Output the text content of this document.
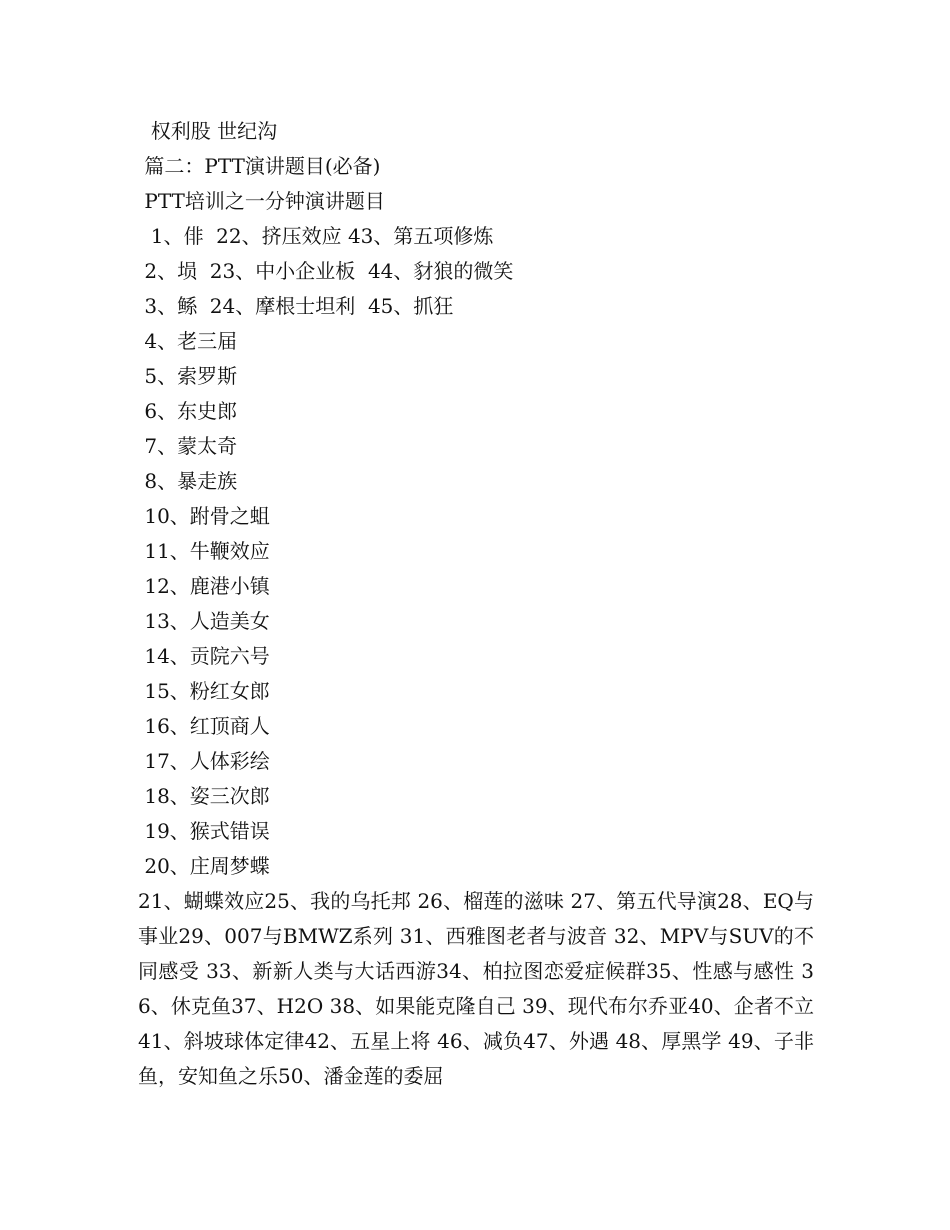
权利股 世纪沟
篇二：PTT演讲题目(必备)
PTT培训之一分钟演讲题目
1、俳  22、挤压效应 43、第五项修炼
2、埙  23、中小企业板  44、豺狼的微笑
3、鲧  24、摩根士坦利  45、抓狂
4、老三届
5、索罗斯
6、东史郎
7、蒙太奇
8、暴走族
10、跗骨之蛆
11、牛鞭效应
12、鹿港小镇
13、人造美女
14、贡院六号
15、粉红女郎
16、红顶商人
17、人体彩绘
18、姿三次郎
19、猴式错误
20、庄周梦蝶
21、蝴蝶效应25、我的乌托邦 26、榴莲的滋味 27、第五代导演28、EQ与事业29、007与BMWZ系列 31、西雅图老者与波音 32、MPV与SUV的不同感受 33、新新人类与大话西游34、柏拉图恋爱症候群35、性感与感性 36、休克鱼37、H2O 38、如果能克隆自己 39、现代布尔乔亚40、企者不立 41、斜坡球体定律42、五星上将 46、减负47、外遇 48、厚黑学 49、子非鱼，安知鱼之乐50、潘金莲的委屈
